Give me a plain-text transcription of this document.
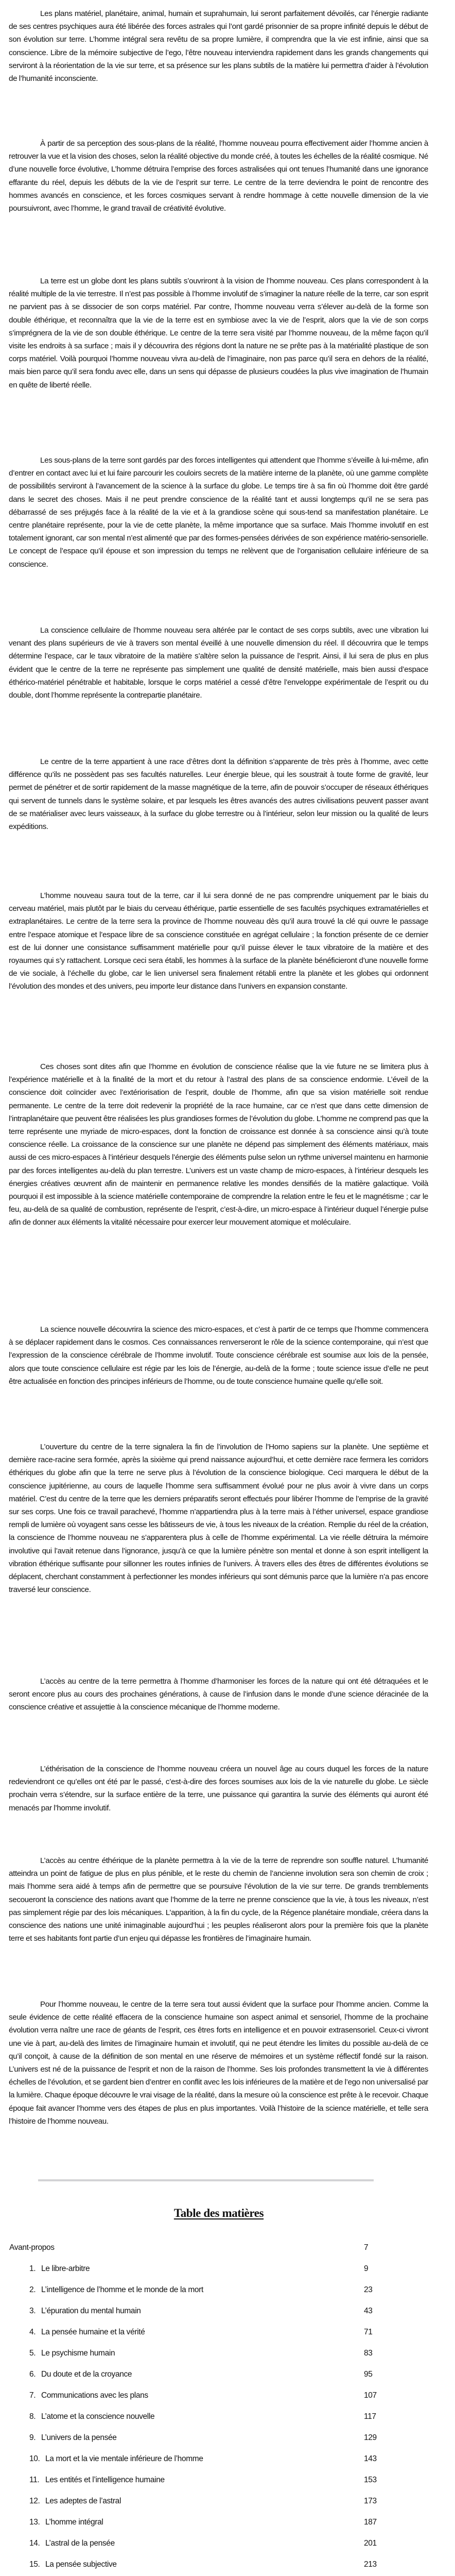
Les plans matériel, planétaire, animal, humain et suprahumain, lui seront parfaitement dévoilés, car l’énergie radiante de ses centres psychiques aura été libérée des forces astrales qui l’ont gardé prisonnier de sa propre infinité depuis le début de son évolution sur terre. L’homme intégral sera revêtu de sa propre lumière, il comprendra que la vie est infinie, ainsi que sa conscience. Libre de la mémoire subjective de l’ego, l’être nouveau interviendra rapidement dans les grands changements qui serviront à la réorientation de la vie sur terre, et sa présence sur les plans subtils de la matière lui permettra d’aider à l’évolution de l’humanité inconsciente.

À partir de sa perception des sous-plans de la réalité, l’homme nouveau pourra effectivement aider l’homme ancien à retrouver la vue et la vision des choses, selon la réalité objective du monde créé, à toutes les échelles de la réalité cosmique. Né d’une nouvelle force évolutive, L’homme détruira l’emprise des forces astralisées qui ont tenues l’humanité dans une ignorance effarante du réel, depuis les débuts de la vie de l’esprit sur terre. Le centre de la terre deviendra le point de rencontre des hommes avancés en conscience, et les forces cosmiques servant à rendre hommage à cette nouvelle dimension de la vie poursuivront, avec l’homme, le grand travail de créativité évolutive.

La terre est un globe dont les plans subtils s’ouvriront à la vision de l’homme nouveau. Ces plans correspondent à la réalité multiple de la vie terrestre. Il n’est pas possible à l’homme involutif de s’imaginer la nature réelle de la terre, car son esprit ne parvient pas à se dissocier de son corps matériel. Par contre, l’homme nouveau verra s’élever au-delà de la forme son double éthérique, et reconnaîtra que la vie de la terre est en symbiose avec la vie de l’esprit, alors que la vie de son corps s’imprégnera de la vie de son double éthérique. Le centre de la terre sera visité par l’homme nouveau, de la même façon qu’il visite les endroits à sa surface ; mais il y découvrira des régions dont la nature ne se prête pas à la matérialité plastique de son corps matériel. Voilà pourquoi l’homme nouveau vivra au-delà de l’imaginaire, non pas parce qu’il sera en dehors de la réalité, mais bien parce qu’il sera fondu avec elle, dans un sens qui dépasse de plusieurs coudées la plus vive imagination de l’humain en quête de liberté réelle.

Les sous-plans de la terre sont gardés par des forces intelligentes qui attendent que l’homme s’éveille à lui-même, afin d’entrer en contact avec lui et lui faire parcourir les couloirs secrets de la matière interne de la planète, où une gamme complète de possibilités serviront à l’avancement de la science à la surface du globe. Le temps tire à sa fin où l’homme doit être gardé dans le secret des choses. Mais il ne peut prendre conscience de la réalité tant et aussi longtemps qu’il ne se sera pas débarrassé de ses préjugés face à la réalité de la vie et à la grandiose scène qui sous-tend sa manifestation planétaire. Le centre planétaire représente, pour la vie de cette planète, la même importance que sa surface. Mais l’homme involutif en est totalement ignorant, car son mental n’est alimenté que par des formes-pensées dérivées de son expérience matério-sensorielle. Le concept de l’espace qu’il épouse et son impression du temps ne relèvent que de l’organisation cellulaire inférieure de sa conscience.

La conscience cellulaire de l’homme nouveau sera altérée par le contact de ses corps subtils, avec une vibration lui venant des plans supérieurs de vie à travers son mental éveillé à une nouvelle dimension du réel. Il découvrira que le temps détermine l’espace, car le taux vibratoire de la matière s’altère selon la puissance de l’esprit. Ainsi, il lui sera de plus en plus évident que le centre de la terre ne représente pas simplement une qualité de densité matérielle, mais bien aussi d’espace éthérico-matériel pénétrable et habitable, lorsque le corps matériel a cessé d’être l’enveloppe expérimentale de l’esprit ou du double, dont l’homme représente la contrepartie planétaire.

Le centre de la terre appartient à une race d’êtres dont la définition s’apparente de très près à l’homme, avec cette différence qu’ils ne possèdent pas ses facultés naturelles. Leur énergie bleue, qui les soustrait à toute forme de gravité, leur permet de pénétrer et de sortir rapidement de la masse magnétique de la terre, afin de pouvoir s’occuper de réseaux éthériques qui servent de tunnels dans le système solaire, et par lesquels les êtres avancés des autres civilisations peuvent passer avant de se matérialiser avec leurs vaisseaux, à la surface du globe terrestre ou à l’intérieur, selon leur mission ou la qualité de leurs expéditions.

L’homme nouveau saura tout de la terre, car il lui sera donné de ne pas comprendre uniquement par le biais du cerveau matériel, mais plutôt par le biais du cerveau éthérique, partie essentielle de ses facultés psychiques extramatérielles et extraplanétaires. Le centre de la terre sera la province de l’homme nouveau dès qu’il aura trouvé la clé qui ouvre le passage entre l’espace atomique et l’espace libre de sa conscience constituée en agrégat cellulaire ; la fonction présente de ce dernier est de lui donner une consistance suffisamment matérielle pour qu’il puisse élever le taux vibratoire de la matière et des royaumes qui s’y rattachent. Lorsque ceci sera établi, les hommes à la surface de la planète bénéficieront d’une nouvelle forme de vie sociale, à l’échelle du globe, car le lien universel sera finalement rétabli entre la planète et les globes qui ordonnent l’évolution des mondes et des univers, peu importe leur distance dans l’univers en expansion constante.

Ces choses sont dites afin que l’homme en évolution de conscience réalise que la vie future ne se limitera plus à l’expérience matérielle et à la finalité de la mort et du retour à l’astral des plans de sa conscience endormie. L’éveil de la conscience doit coïncider avec l’extériorisation de l’esprit, double de l’homme, afin que sa vision matérielle soit rendue permanente. Le centre de la terre doit redevenir la propriété de la race humaine, car ce n’est que dans cette dimension de l’intraplanétaire que peuvent être réalisées les plus grandioses formes de l’évolution du globe. L’homme ne comprend pas que la terre représente une myriade de micro-espaces, dont la fonction de croissance est donnée à sa conscience ainsi qu’à toute conscience réelle. La croissance de la conscience sur une planète ne dépend pas simplement des éléments matériaux, mais aussi de ces micro-espaces à l’intérieur desquels l’énergie des éléments pulse selon un rythme universel maintenu en harmonie par des forces intelligentes au-delà du plan terrestre. L’univers est un vaste champ de micro-espaces, à l’intérieur desquels les énergies créatives œuvrent afin de maintenir en permanence relative les mondes densifiés de la matière galactique. Voilà pourquoi il est impossible à la science matérielle contemporaine de comprendre la relation entre le feu et le magnétisme ; car le feu, au-delà de sa qualité de combustion, représente de l’esprit, c’est-à-dire, un micro-espace à l’intérieur duquel l’énergie pulse afin de donner aux éléments la vitalité nécessaire pour exercer leur mouvement atomique et moléculaire.

La science nouvelle découvrira la science des micro-espaces, et c’est à partir de ce temps que l’homme commencera à se déplacer rapidement dans le cosmos. Ces connaissances renverseront le rôle de la science contemporaine, qui n’est que l’expression de la conscience cérébrale de l’homme involutif. Toute conscience cérébrale est soumise aux lois de la pensée, alors que toute conscience cellulaire est régie par les lois de l’énergie, au-delà de la forme ; toute science issue d’elle ne peut être actualisée en fonction des principes inférieurs de l’homme, ou de toute conscience humaine quelle qu’elle soit.

L’ouverture du centre de la terre signalera la fin de l’involution de l’Homo sapiens sur la planète. Une septième et dernière race-racine sera formée, après la sixième qui prend naissance aujourd’hui, et cette dernière race fermera les corridors éthériques du globe afin que la terre ne serve plus à l’évolution de la conscience biologique. Ceci marquera le début de la conscience jupitérienne, au cours de laquelle l’homme sera suffisamment évolué pour ne plus avoir à vivre dans un corps matériel. C’est du centre de la terre que les derniers préparatifs seront effectués pour libérer l’homme de l’emprise de la gravité sur ses corps. Une fois ce travail parachevé, l’homme n’appartiendra plus à la terre mais à l’éther universel, espace grandiose rempli de lumière où voyagent sans cesse les bâtisseurs de vie, à tous les niveaux de la création. Remplie du réel de la création, la conscience de l’homme nouveau ne s’apparentera plus à celle de l’homme expérimental. La vie réelle détruira la mémoire involutive qui l’avait retenue dans l’ignorance, jusqu’à ce que la lumière pénètre son mental et donne à son esprit intelligent la vibration éthérique suffisante pour sillonner les routes infinies de l’univers. À travers elles des êtres de différentes évolutions se déplacent, cherchant constamment à perfectionner les mondes inférieurs qui sont démunis parce que la lumière n’a pas encore traversé leur conscience.

L’accès au centre de la terre permettra à l’homme d’harmoniser les forces de la nature qui ont été détraquées et le seront encore plus au cours des prochaines générations, à cause de l’infusion dans le monde d’une science déracinée de la conscience créative et assujettie à la conscience mécanique de l’homme moderne.

L’éthérisation de la conscience de l’homme nouveau créera un nouvel âge au cours duquel les forces de la nature redeviendront ce qu’elles ont été par le passé, c’est-à-dire des forces soumises aux lois de la vie naturelle du globe. Le siècle prochain verra s’étendre, sur la surface entière de la terre, une puissance qui garantira la survie des éléments qui auront été menacés par l’homme involutif.

L’accès au centre éthérique de la planète permettra à la vie de la terre de reprendre son souffle naturel. L’humanité atteindra un point de fatigue de plus en plus pénible, et le reste du chemin de l’ancienne involution sera son chemin de croix ; mais l’homme sera aidé à temps afin de permettre que se poursuive l’évolution de la vie sur terre. De grands tremblements secoueront la conscience des nations avant que l’homme de la terre ne prenne conscience que la vie, à tous les niveaux, n’est pas simplement régie par des lois mécaniques. L’apparition, à la fin du cycle, de la Régence planétaire mondiale, créera dans la conscience des nations une unité inimaginable aujourd’hui ; les peuples réaliseront alors pour la première fois que la planète terre et ses habitants font partie d’un enjeu qui dépasse les frontières de l’imaginaire humain.

Pour l’homme nouveau, le centre de la terre sera tout aussi évident que la surface pour l’homme ancien. Comme la seule évidence de cette réalité effacera de la conscience humaine son aspect animal et sensoriel, l’homme de la prochaine évolution verra naître une race de géants de l’esprit, ces êtres forts en intelligence et en pouvoir extrasensoriel. Ceux-ci vivront une vie à part, au-delà des limites de l’imaginaire humain et involutif, qui ne peut étendre les limites du possible au-delà de ce qu’il conçoit, à cause de la définition de son mental en une réserve de mémoires et un système réflectif fondé sur la raison. L’univers est né de la puissance de l’esprit et non de la raison de l’homme. Ses lois profondes transmettent la vie à différentes échelles de l’évolution, et se gardent bien d’entrer en conflit avec les lois inférieures de la matière et de l’ego non universalisé par la lumière. Chaque époque découvre le vrai visage de la réalité, dans la mesure où la conscience est prête à le recevoir. Chaque époque fait avancer l’homme vers des étapes de plus en plus importantes. Voilà l’histoire de la science matérielle, et telle sera l’histoire de l’homme nouveau.

Table des matières
Avant-propos	7
1. Le libre-arbitre	9
2. L’intelligence de l’homme et le monde de la mort	23
3. L’épuration du mental humain	43
4. La pensée humaine et la vérité	71
5. Le psychisme humain	83
6. Du doute et de la croyance	95
7. Communications avec les plans	107
8. L’atome et la conscience nouvelle	117
9. L’univers de la pensée	129
10. La mort et la vie mentale inférieure de l’homme	143
11. Les entités et l’intelligence humaine	153
12. Les adeptes de l’astral	173
13. L’homme intégral	187
14. L’astral de la pensée	201
15. La pensée subjective	213
